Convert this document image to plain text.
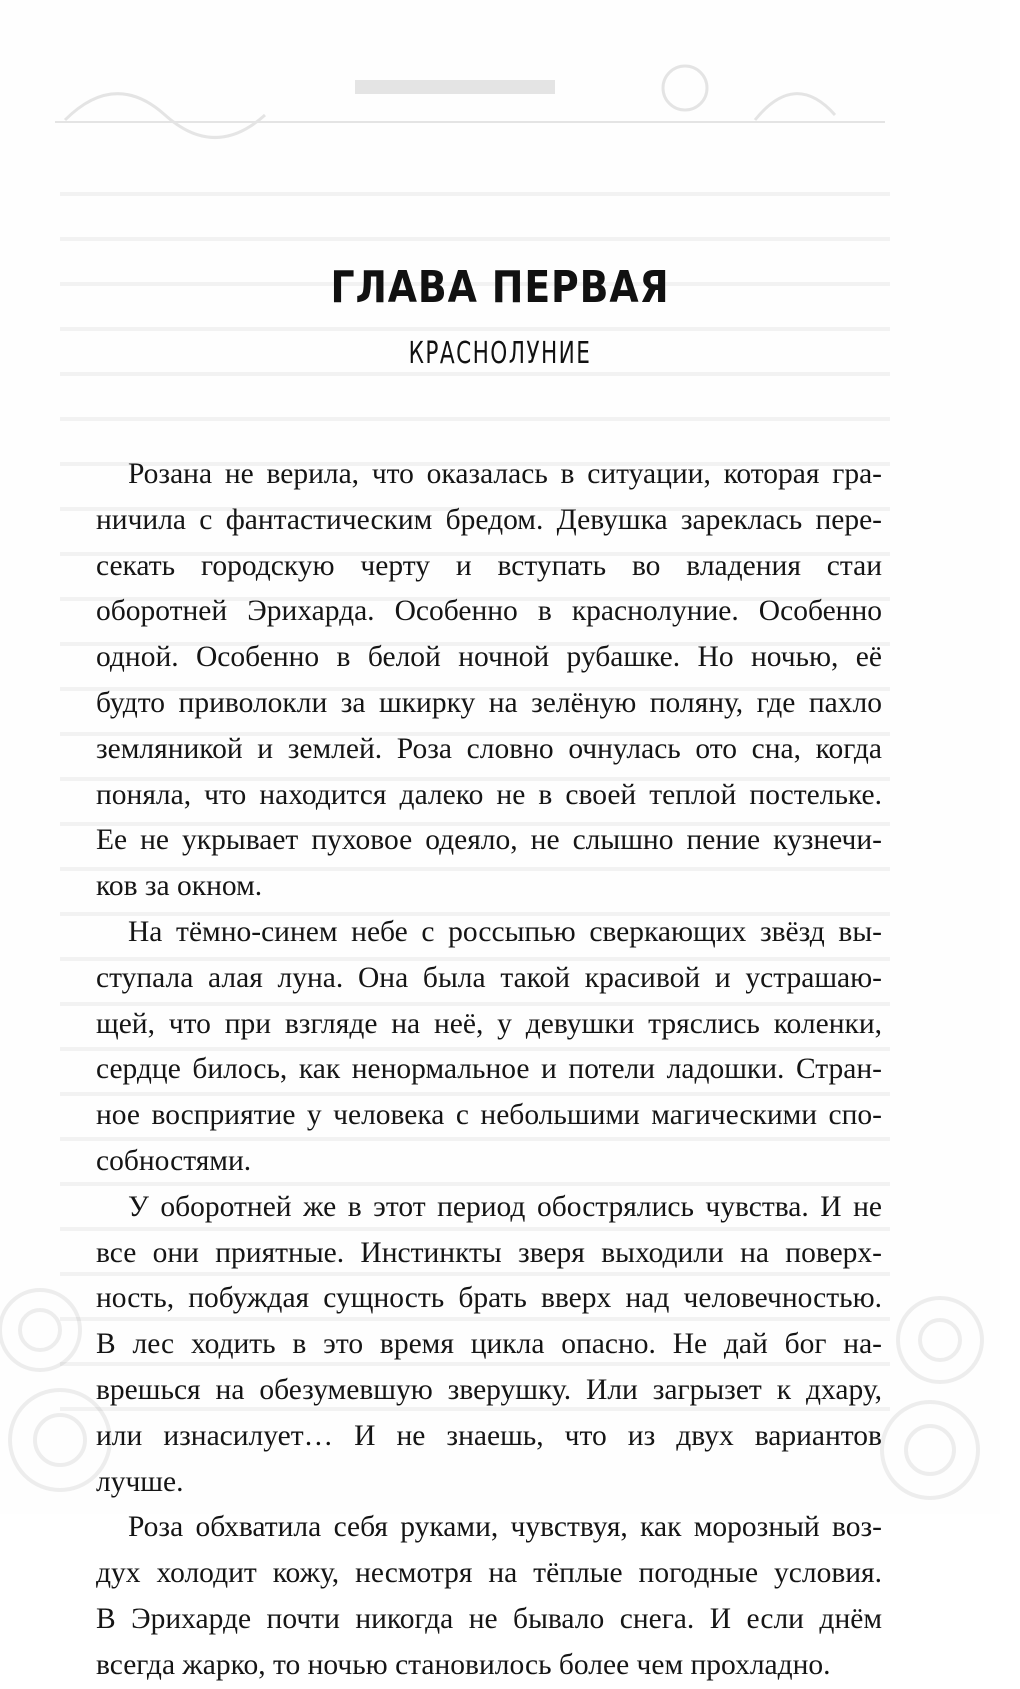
ГЛАВА ПЕРВАЯ
КРАСНОЛУНИЕ
Розана не верила, что оказалась в ситуации, которая гра-
ничила с фантастическим бредом. Девушка зареклась пере-
секать городскую черту и вступать во владения стаи
оборотней Эрихарда. Особенно в краснолуние. Особенно
одной. Особенно в белой ночной рубашке. Но ночью, её
будто приволокли за шкирку на зелёную поляну, где пахло
земляникой и землей. Роза словно очнулась ото сна, когда
поняла, что находится далеко не в своей теплой постельке.
Ее не укрывает пуховое одеяло, не слышно пение кузнечи-
ков за окном.
На тёмно-синем небе с россыпью сверкающих звёзд вы-
ступала алая луна. Она была такой красивой и устрашаю-
щей, что при взгляде на неё, у девушки тряслись коленки,
сердце билось, как ненормальное и потели ладошки. Стран-
ное восприятие у человека с небольшими магическими спо-
собностями.
У оборотней же в этот период обострялись чувства. И не
все они приятные. Инстинкты зверя выходили на поверх-
ность, побуждая сущность брать вверх над человечностью.
В лес ходить в это время цикла опасно. Не дай бог на-
врешься на обезумевшую зверушку. Или загрызет к дхару,
или изнасилует… И не знаешь, что из двух вариантов
лучше.
Роза обхватила себя руками, чувствуя, как морозный воз-
дух холодит кожу, несмотря на тёплые погодные условия.
В Эрихарде почти никогда не бывало снега. И если днём
всегда жарко, то ночью становилось более чем прохладно.
